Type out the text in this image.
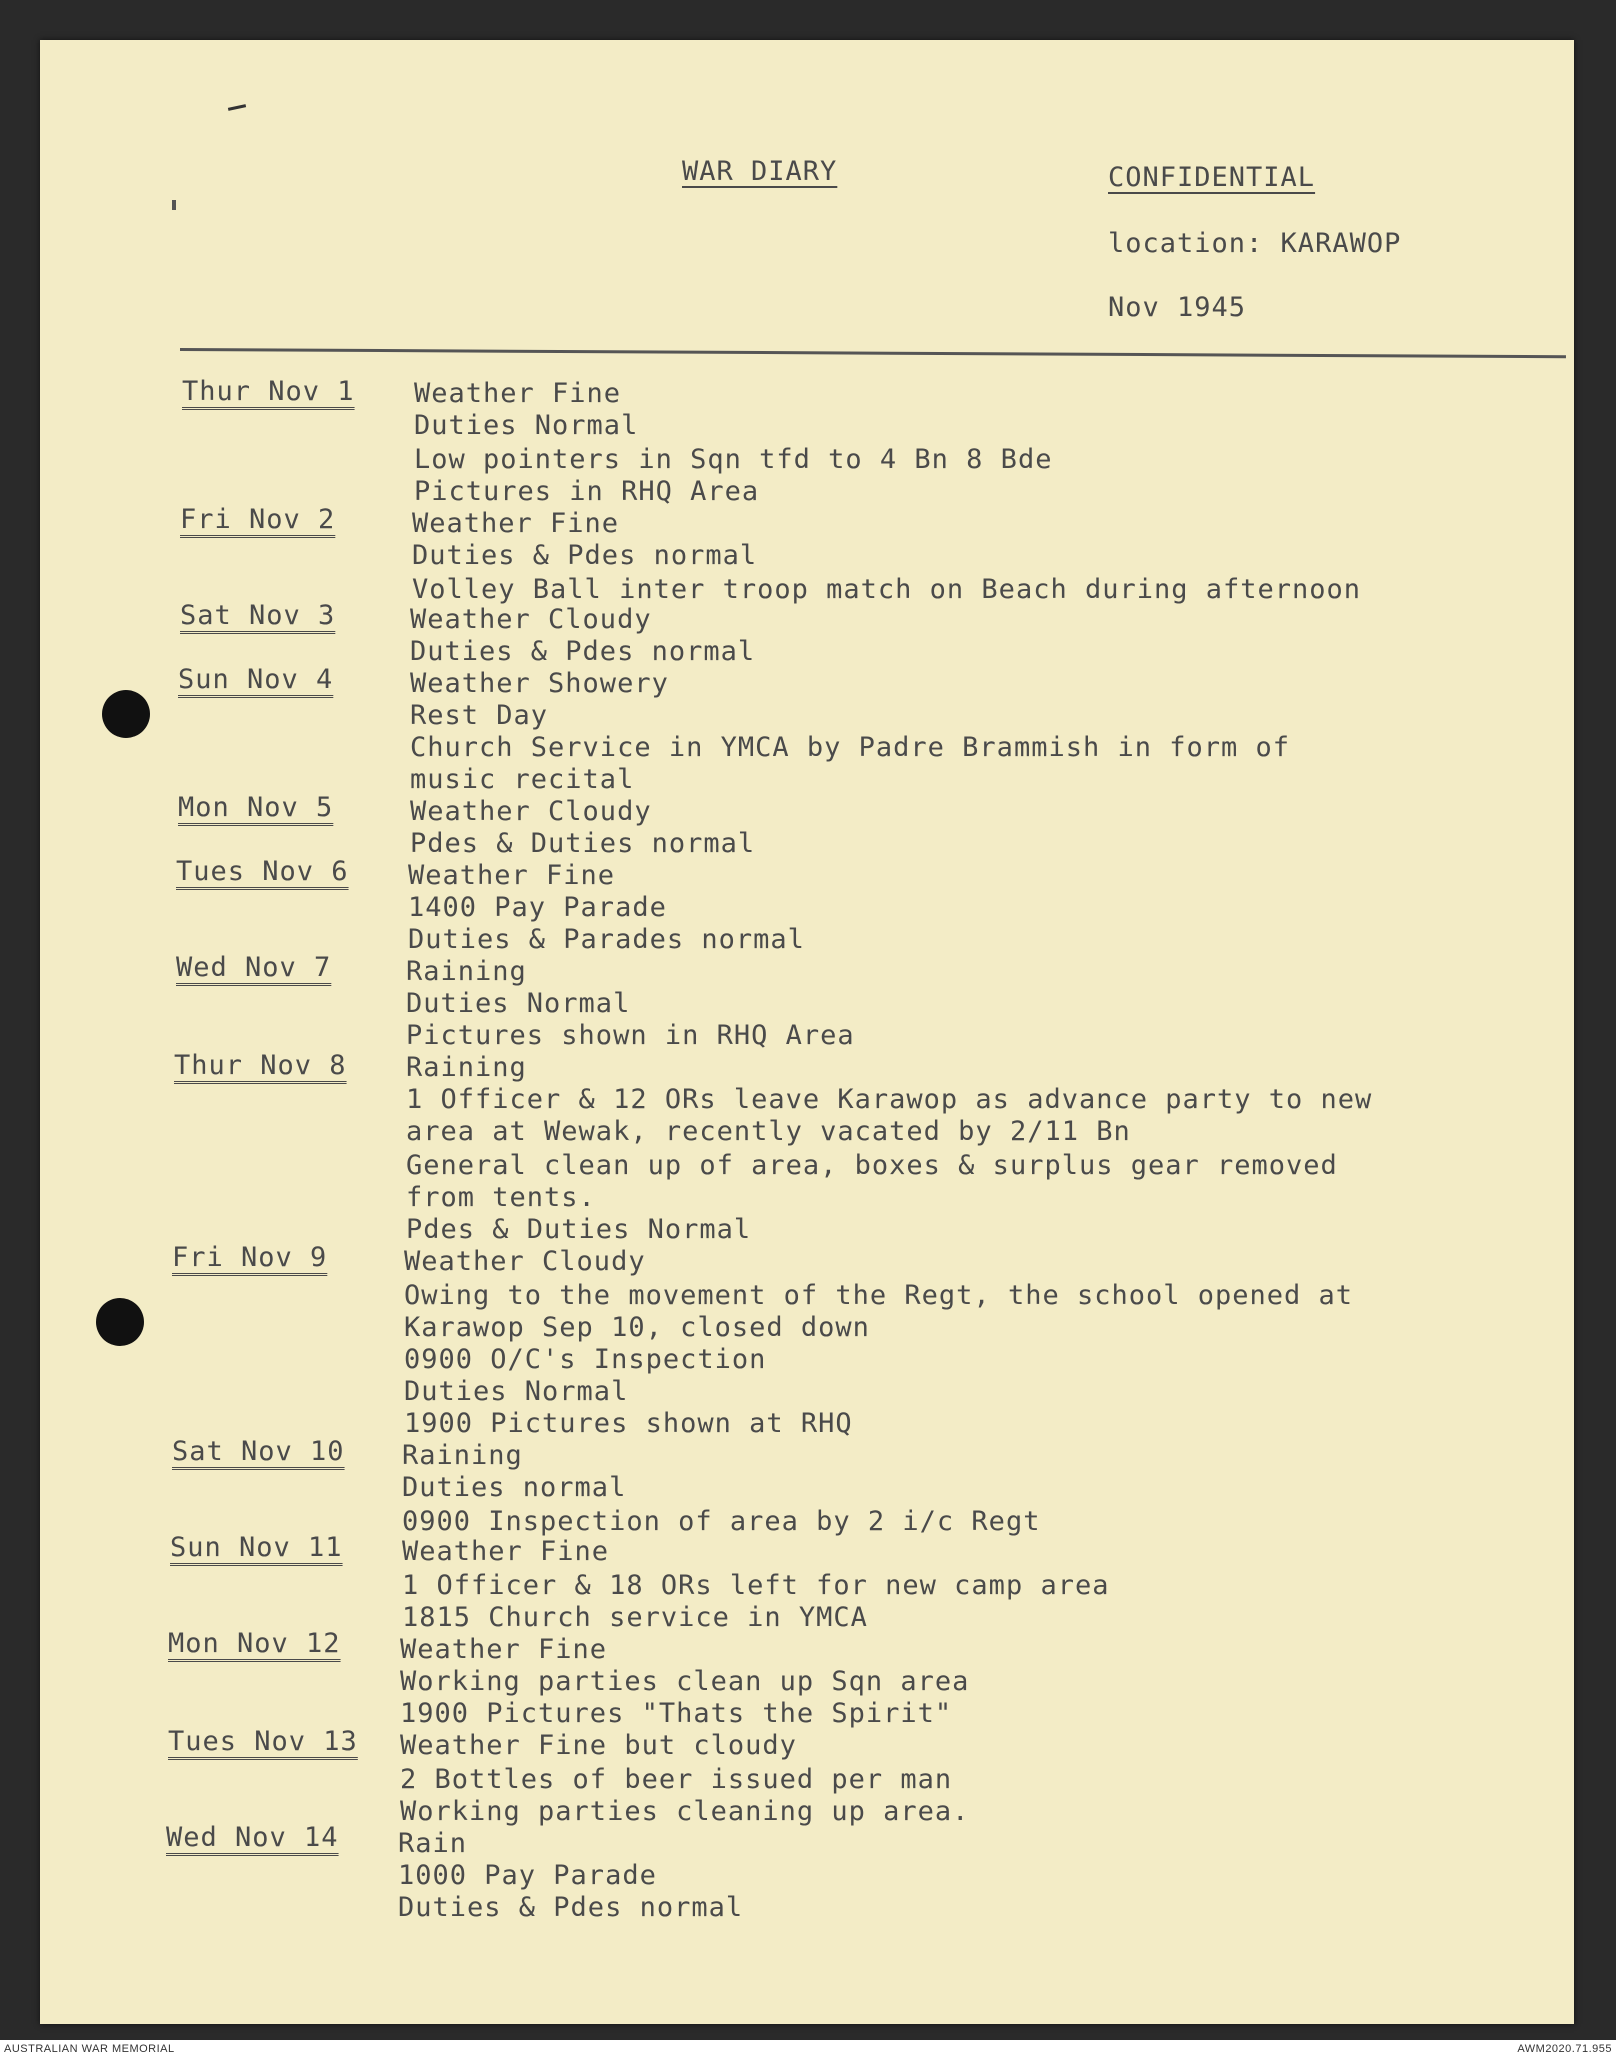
WAR DIARY	CONFIDENTIAL
location: KARAWOP
Nov 1945
Thur Nov 1
Fri Nov 2
Sat Nov 3
Sun Nov 4
Mon Nov 5
Tues Nov 6
Wed Nov 7
Thur Nov 8
Fri Nov 9
Sat Nov 10
Sun Nov 11
Mon Nov 12
Tues Nov 13
Wed Nov 14
Weather Fine
Duties Normal
Low pointers in Sqn tfd to 4 Bn 8 Bde
Pictures in RHQ Area
Weather Fine
Duties & Pdes normal
Volley Ball inter troop match on Beach during afternoon
Weather Cloudy
Duties & Pdes normal
Weather Showery
Rest Day
Church Service in YMCA by Padre Brammish in form of
music recital
Weather Cloudy
Pdes & Duties normal
Weather Fine
1400 Pay Parade
Duties & Parades normal
Raining
Duties Normal
Pictures shown in RHQ Area
Raining
1 Officer & 12 ORs leave Karawop as advance party to new
area at Wewak, recently vacated by 2/11 Bn
General clean up of area, boxes & surplus gear removed
from tents.
Pdes & Duties Normal
Weather Cloudy
Owing to the movement of the Regt, the school opened at
Karawop Sep 10, closed down
0900 O/C's Inspection
Duties Normal
1900 Pictures shown at RHQ
Raining
Duties normal
0900 Inspection of area by 2 i/c Regt
Weather Fine
1 Officer & 18 ORs left for new camp area
1815 Church service in YMCA
Weather Fine
Working parties clean up Sqn area
1900 Pictures "Thats the Spirit"
Weather Fine but cloudy
2 Bottles of beer issued per man
Working parties cleaning up area.
Rain
1000 Pay Parade
Duties & Pdes normal
AUSTRALIAN WAR MEMORIAL	AWM2020.71.955
